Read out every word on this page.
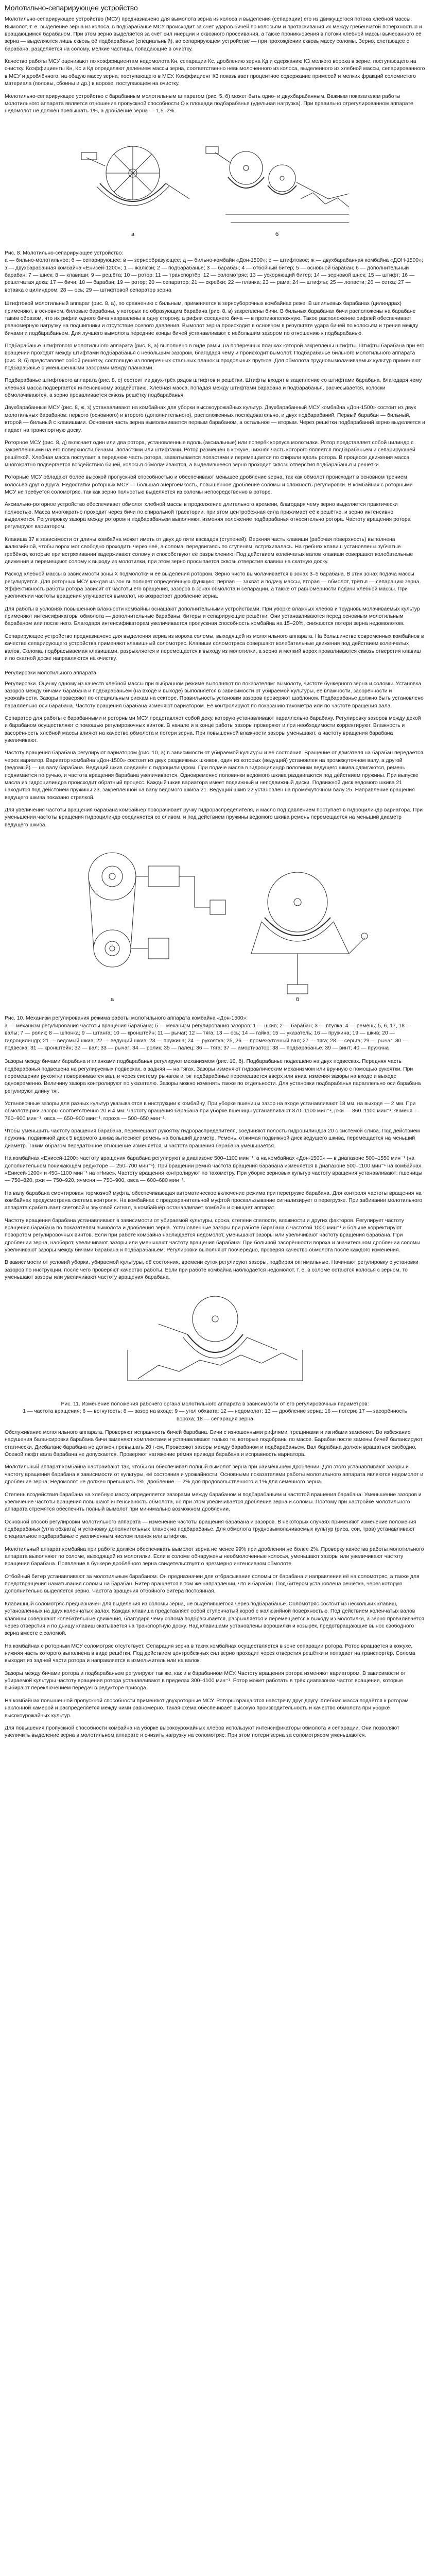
Молотильно-сепарирующее устройство

Молотильно-сепарирующее устройство (МСУ) предназначено для вымолота зерна из колоса и выделения (сепарации) его из движущегося потока хлебной массы. Вымолот, т. е. выделение зерна из колоса, в подбарабанье МСУ происходит за счёт ударов бичей по колосьям и протаскивания их между гребенчатой поверхностью и вращающимся барабаном. При этом зерно выделяется за счёт сил инерции и сквозного просеивания, а также проникновения в потоки хлебной массы вычесанного её зерна — выделяются лишь сквозь её подбарабанье (специальный), во сепарирующем устройстве — при прохождении сквозь массу соломы. Зерно, слетающее с барабана, разделяется на солому, мелкие частицы, попадающие в очистку.

Качество работы МСУ оценивают по коэффициентам недомолота Кн, сепарации Кс, дроблению зерна Кд и сдержанию К3 мелкого вороха в зерне, поступающего на очистку. Коэффициенты Кн, Кс и Кд определяют делением массы зерна, соответственно невымолоченного из колоса, выделенного из хлебной массы, сепарированного в МСУ и дроблённого, на общую массу зерна, поступающего в МСУ. Коэффициент К3 показывает процентное содержание примесей и мелких фракций соломистого материала (половы, сбоины и др.) в ворохе, поступающем на очистку.

Молотильно-сепарирующее устройство с барабанным молотильным аппаратом (рис. 5, б) может быть одно- и двухбарабанным. Важным показателем работы молотильного аппарата является отношение пропускной способности Q к площади подбарабанья (удельная нагрузка). При правильно отрегулированном аппарате недомолот не должен превышать 1%, а дробление зерна — 1,5–2%.

а	б

Рис. 8. Молотильно-сепарирующее устройство:

а — бильно-молотильное; б — сепарирующее; в — зернообразующее; д — бильно-комбайн «Дон-1500»; е — штифтовое; ж — двухбарабанная комбайна «ДОН-1500»; з — двухбарабанная комбайна «Енисей-1200»; 1 — жалюзи; 2 — подбарабанье; 3 — барабан; 4 — отбойный битер; 5 — основной барабан; 6 — дополнительный барабан; 7 — шнек; 8 — клавиши; 9 — решёта; 10 — ротор; 11 — транспортёр; 12 — соломотряс; 13 — ускоряющий битер; 14 — зерновой шнек; 15 — штифт; 16 — решетчатая дека; 17 — бичи; 18 — барабан; 19 — ротор; 20 — сепаратор; 21 — скребки; 22 — планка; 23 — рама; 24 — штифты; 25 — лопасти; 26 — сетка; 27 — вставка с цилиндром; 28 — ось; 29 — штифтовой сепаратор зерна

Штифтовой молотильный аппарат (рис. 8, а), по сравнению с бильным, применяется в зерноуборочных комбайнах реже. В шпильевых барабанах (цилиндрах) применяют, в основном, биловые барабаны, у которых по образующим барабана (рис. 8, в) закреплены бичи. В бильных барабанах бичи расположены на барабане таким образом, что их рифли одного бича направлены в одну сторону, а рифли соседнего бича — в противоположную. Такое расположение рифлей обеспечивает равномерную нагрузку на подшипники и отсутствие осевого давления. Вымолот зерна происходит в основном в результате удара бичей по колосьям и трения между бичами и подбарабаньем. Для лучшего вымолота передние концы бичей устанавливают с небольшим зазором по отношению к подбарабанью.

Подбарабанье штифтового молотильного аппарата (рис. 8, а) выполнено в виде рамы, на поперечных планках которой закреплены штифты. Штифты барабана при его вращении проходят между штифтами подбарабанья с небольшим зазором, благодаря чему и происходит вымолот. Подбарабанье бильного молотильного аппарата (рис. 8, б) представляет собой решётку, состоящую из поперечных стальных планок и продольных прутков. Для обмолота трудновымолачиваемых культур применяют подбарабанье с уменьшенными зазорами между планками.

Подбарабанье штифтового аппарата (рис. 8, е) состоит из двух-трёх рядов штифтов и решётки. Штифты входят в зацепление со штифтами барабана, благодаря чему хлебная масса подвергается интенсивному воздействию. Хлебная масса, попадая между штифтами барабана и подбарабанья, расчёсывается, колоски обмолачиваются, а зерно проваливается сквозь решётку подбарабанья.

Двухбарабанные МСУ (рис. 8, ж, з) устанавливают на комбайнах для уборки высокоурожайных культур. Двухбарабанный МСУ комбайна «Дон-1500» состоит из двух молотильных барабанов: первого (основного) и второго (дополнительного), расположенных последовательно, и двух подбарабаний. Первый барабан — бильный, второй — бильный с клавишами. Основная часть зерна вымолачивается первым барабаном, а остальное — вторым. Через решётки подбарабаний зерно выделяется и падает на транспортную доску.

Роторное МСУ (рис. 8, д) включает один или два ротора, установленные вдоль (аксиальные) или поперёк корпуса молотилки. Ротор представляет собой цилиндр с закреплёнными на его поверхности бичами, лопастями или штифтами. Ротор размещён в кожухе, нижняя часть которого является подбарабаньем и сепарирующей решёткой. Хлебная масса поступает в переднюю часть ротора, захватывается лопастями и перемещается по спирали вдоль ротора. В процессе движения масса многократно подвергается воздействию бичей, колосья обмолачиваются, а выделившееся зерно проходит сквозь отверстия подбарабанья и решётки.

Роторные МСУ обладают более высокой пропускной способностью и обеспечивают меньшее дробление зерна, так как обмолот происходит в основном трением колосьев друг о друга. Недостатки роторных МСУ — большая энергоёмкость, повышенное дробление соломы и сложность регулировки. В комбайнах с роторными МСУ не требуется соломотряс, так как зерно полностью выделяется из соломы непосредственно в роторе.

Аксиально-роторное устройство обеспечивает обмолот хлебной массы в продолжение длительного времени, благодаря чему зерно выделяется практически полностью. Масса многократно проходит через бичи по спиральной траектории, при этом центробежная сила прижимает её к решётке, и зерно интенсивно выделяется. Регулировку зазора между ротором и подбарабаньем выполняют, изменяя положение подбарабанья относительно ротора. Частоту вращения ротора регулируют вариатором.

Клавиша 37 в зависимости от длины комбайна может иметь от двух до пяти каскадов (ступеней). Верхняя часть клавиши (рабочая поверхность) выполнена жалюзийной, чтобы ворох мог свободно проходить через неё, а солома, передвигаясь по ступеням, встряхивалась. На гребнях клавиш установлены зубчатые гребёнки, которые при встряхивании задерживают солому и способствуют её разрыхлению. Под действием коленчатых валов клавиши совершают колебательные движения и перемещают солому к выходу из молотилки, при этом зерно просыпается сквозь отверстия клавиш на скатную доску.

Расход хлебной массы в зависимости зоны X подмолотки и её выделения ротором. Зерно чисто вымолачивается в зонах 3–5 барабана. В этих зонах подача массы регулируется. Для роторных МСУ каждая из зон выполняет определённую функцию: первая — захват и подачу массы, вторая — обмолот, третья — сепарацию зерна. Эффективность работы ротора зависит от частоты его вращения, зазоров в зонах обмолота и сепарации, а также от равномерности подачи хлебной массы. При увеличении частоты вращения улучшается вымолот, но возрастает дробление зерна.

Для работы в условиях повышенной влажности комбайны оснащают дополнительными устройствами. При уборке влажных хлебов и трудновымолачиваемых культур применяют интенсификаторы обмолота — дополнительные барабаны, битеры и сепарирующие решётки. Они устанавливаются перед основным молотильным барабаном или после него. Благодаря интенсификаторам увеличивается пропускная способность комбайна на 15–20%, снижаются потери зерна недомолотом.

Сепарирующее устройство предназначено для выделения зерна из вороха соломы, выходящей из молотильного аппарата. На большинстве современных комбайнов в качестве сепарирующего устройства применяют клавишный соломотряс. Клавиши соломотряса совершают колебательные движения под действием коленчатых валов. Солома, подбрасываемая клавишами, разрыхляется и перемещается к выходу из молотилки, а зерно и мелкий ворох проваливаются сквозь отверстия клавиш и по скатной доске направляются на очистку.

Регулировки молотильного аппарата

Регулировки. Оценку одному из качеств хлебной массы при выбранном режиме выполняют по показателям: вымолоту, чистоте бункерного зерна и соломы. Установка зазоров между бичами барабана и подбарабаньем (на входе и выходе) выполняется в зависимости от убираемой культуры, её влажности, засорённости и урожайности. Зазоры проверяют по специальным рискам на секторе. Правильность установки зазоров проверяют шаблоном. Подбарабанье должно быть установлено параллельно оси барабана. Частоту вращения барабана изменяют вариатором. Её контролируют по показанию тахометра или по частоте вращения вала.

Сепаратор для работы с барабанными и роторными МСУ представляет собой деку, которую устанавливают параллельно барабану. Регулировку зазоров между декой и барабаном осуществляют с помощью регулировочных винтов. В начале и в конце работы зазоры проверяют и при необходимости корректируют. Влажность и засорённость хлебной массы влияют на качество обмолота и потери зерна. При повышенной влажности зазоры уменьшают, а частоту вращения барабана увеличивают.

Частоту вращения барабана регулируют вариатором (рис. 10, а) в зависимости от убираемой культуры и её состояния. Вращение от двигателя на барабан передаётся через вариатор. Вариатор комбайна «Дон-1500» состоит из двух раздвижных шкивов, один из которых (ведущий) установлен на промежуточном валу, а другой (ведомый) — на валу барабана. Ведущий шкив соединён с гидроцилиндром. При подаче масла в гидроцилиндр половинки ведущего шкива сдвигаются, ремень поднимается по ручью, и частота вращения барабана увеличивается. Одновременно половинки ведомого шкива раздвигаются под действием пружины. При выпуске масла из гидроцилиндра происходит обратный процесс. Каждый шкив вариатора имеет подвижный и неподвижный диски. Подвижной диск ведомого шкива 21 находится под действием пружины 23, закреплённой на валу ведомого шкива 21. Ведущий шкив 22 установлен на промежуточном валу 25. Направление вращения ведущего шкива показано стрелкой.

Для увеличения частоты вращения барабана комбайнер поворачивает ручку гидрораспределителя, и масло под давлением поступает в гидроцилиндр вариатора. При уменьшении частоты вращения гидроцилиндр соединяется со сливом, и под действием пружины ведомого шкива ремень перемещается на меньший диаметр ведущего шкива.

а	б

Рис. 10. Механизм регулирования режима работы молотильного аппарата комбайна «Дон-1500»:

а — механизм регулирования частоты вращения барабана; б — механизм регулирования зазоров; 1 — шкив; 2 — барабан; 3 — втулка; 4 — ремень; 5, 6, 17, 18 — валы; 7 — ролик; 8 — шпонка; 9 — штанга; 10 — кронштейн; 11 — рычаг; 12 — тяга; 13 — ось; 14 — гайка; 15 — указатель; 16 — пружина; 19 — шкив; 20 — гидроцилиндр; 21 — ведомый шкив; 22 — ведущий шкив; 23 — пружина; 24 — рукоятка; 25, 26 — промежуточный вал; 27 — тяга; 28 — серьга; 29 — рычаг; 30 — подвеска; 31 — кронштейн; 32 — вал; 33 — рычаг; 34 — ролик; 35 — палец; 36 — тяга; 37 — амортизатор; 38 — подбарабанье; 39 — винт; 40 — пружина

Зазоры между бичами барабана и планками подбарабанья регулируют механизмом (рис. 10, б). Подбарабанье подвешено на двух подвесках. Передняя часть подбарабанья подвешена на регулируемых подвесках, а задняя — на тягах. Зазоры изменяют гидравлическим механизмом или вручную с помощью рукоятки. При перемещении рукоятки поворачивается вал, и через систему рычагов и тяг подбарабанье перемещается вверх или вниз, изменяя зазоры на входе и выходе одновременно. Величину зазора контролируют по указателю. Зазоры можно изменять также по отдельности. Для установки подбарабанья параллельно оси барабана регулируют длину тяг.

Установочные зазоры для разных культур указываются в инструкции к комбайну. При уборке пшеницы зазор на входе устанавливают 18 мм, на выходе — 2 мм. При обмолоте ржи зазоры соответственно 20 и 4 мм. Частоту вращения барабана при уборке пшеницы устанавливают 870–1100 мин⁻¹, ржи — 860–1100 мин⁻¹, ячменя — 760–900 мин⁻¹, овса — 650–900 мин⁻¹, гороха — 500–650 мин⁻¹.

Чтобы уменьшить частоту вращения барабана, перемещают рукоятку гидрораспределителя, соединяют полость гидроцилиндра 20 с системой слива. Под действием пружины подвижной диск 5 ведомого шкива вытесняет ремень на больший диаметр. Ремень, отжимая подвижной диск ведущего шкива, перемещается на меньший диаметр. Таким образом передаточное отношение изменяется, и частота вращения барабана уменьшается.

На комбайнах «Енисей-1200» частоту вращения барабана регулируют в диапазоне 500–1100 мин⁻¹, а на комбайнах «Дон-1500» — в диапазоне 500–1550 мин⁻¹ (на дополнительном понижающем редукторе — 250–700 мин⁻¹). При вращении ремня частота вращения барабана изменяется в диапазоне 500–1100 мин⁻¹ на комбайнах «Енисей-1200» и 450–1100 мин⁻¹ на «Ниве». Частоту вращения контролируют по тахометру. При уборке зерновых культур частоту вращения устанавливают: пшеницы — 750–820, ржи — 750–920, ячменя — 750–900, овса — 600–680 мин⁻¹.

На валу барабана смонтирован тормозной муфта, обеспечивающая автоматическое включение режима при перегрузке барабана. Для контроля частоты вращения на комбайнах предусмотрена система контроля. На комбайнах с предохранительной муфтой проскальзывание сигнализирует о перегрузке. При забивании молотильного аппарата срабатывает световой и звуковой сигнал, а комбайнёр останавливает комбайн и очищает аппарат.

Частоту вращения барабана устанавливают в зависимости от убираемой культуры, срока, степени спелости, влажности и других факторов. Регулирует частоту вращения барабана по показателям вымолота и дробления зерна. Установленные зазоры при работе барабана с частотой 1000 мин⁻¹ и больше корректируют поворотом регулировочных винтов. Если при работе комбайна наблюдается недомолот, уменьшают зазоры или увеличивают частоту вращения барабана. При дроблении зерна, наоборот, увеличивают зазоры или уменьшают частоту вращения барабана. При большой засорённости вороха и значительном дроблении соломы увеличивают зазоры между бичами барабана и подбарабаньем. Регулировки выполняют поочерёдно, проверяя качество обмолота после каждого изменения.

В зависимости от условий уборки, убираемой культуры, её состояния, времени суток регулируют зазоры, подбирая оптимальные. Начинают регулировку с установки зазоров по инструкции, после чего проверяют качество работы. Если при работе комбайна наблюдается недомолот, т. е. в соломе остаются колосья с зерном, то уменьшают зазоры или увеличивают частоту вращения барабана.

Рис. 11. Изменение положения рабочего органа молотильного аппарата в зависимости от его регулировочных параметров:

1 — частота вращения; 6 — вогнутость; 8 — зазор на входе; 9 — угол обхвата; 12 — недомолот; 13 — дробление зерна; 16 — потери; 17 — засорённость вороха; 18 — сепарация зерна

Обслуживание молотильного аппарата. Проверяют исправность бичей барабана. Бичи с изношенными рифлями, трещинами и изгибами заменяют. Во избежание нарушения балансировки барабана бичи заменяют комплектами и устанавливают только те, которые подобраны по массе. Барабан после замены бичей балансируют статически. Дисбаланс барабана не должен превышать 20 г·см. Проверяют зазоры между барабаном и подбарабаньем. Вал барабана должен вращаться свободно. Осевой люфт вала барабана не допускается. Проверяют натяжение ремня привода барабана и исправность вариатора.

Молотильный аппарат комбайна настраивают так, чтобы он обеспечивал полный вымолот зерна при наименьшем дроблении. Для этого устанавливают зазоры и частоту вращения барабана в зависимости от культуры, её состояния и урожайности. Основными показателями работы молотильного аппарата являются недомолот и дробление зерна. Недомолот не должен превышать 1%, дробление — 2% для продовольственного и 1% для семенного зерна.

Степень воздействия барабана на хлебную массу определяется зазорами между барабаном и подбарабаньем и частотой вращения барабана. Уменьшение зазоров и увеличение частоты вращения повышают интенсивность обмолота, но при этом увеличивается дробление зерна и соломы. Поэтому при настройке молотильного аппарата стремятся обеспечить полный вымолот при минимально возможном дроблении.

Основной способ регулировки молотильного аппарата — изменение частоты вращения барабана и зазоров. В некоторых случаях применяют изменение положения подбарабанья (угла обхвата) и установку дополнительных планок на подбарабанье. Для обмолота трудновымолачиваемых культур (риса, сои, трав) устанавливают специальное подбарабанье с увеличенным числом планок или штифтов.

Молотильный аппарат комбайна при работе должен обеспечивать вымолот зерна не менее 99% при дроблении не более 2%. Проверку качества работы молотильного аппарата выполняют по соломе, выходящей из молотилки. Если в соломе обнаружены необмолоченные колосья, уменьшают зазоры или увеличивают частоту вращения барабана. Появление в бункере дроблёного зерна свидетельствует о чрезмерно интенсивном обмолоте.

Отбойный битер устанавливают за молотильным барабаном. Он предназначен для отбрасывания соломы от барабана и направления её на соломотряс, а также для предотвращения наматывания соломы на барабан. Битер вращается в том же направлении, что и барабан. Под битером установлена решётка, через которую дополнительно выделяется зерно. Частота вращения отбойного битера постоянная.

Клавишный соломотряс предназначен для выделения из соломы зерна, не выделившегося через подбарабанье. Соломотряс состоит из нескольких клавиш, установленных на двух коленчатых валах. Каждая клавиша представляет собой ступенчатый короб с жалюзийной поверхностью. Под действием коленчатых валов клавиши совершают колебательные движения, благодаря чему солома подбрасывается, разрыхляется и перемещается к выходу из молотилки, а зерно проваливается через отверстия и по днищу клавиш скатывается на транспортную доску. Над клавишами установлены ворошилки и козырёк, предотвращающие вынос свободного зерна вместе с соломой.

На комбайнах с роторным МСУ соломотряс отсутствует. Сепарация зерна в таких комбайнах осуществляется в зоне сепарации ротора. Ротор вращается в кожухе, нижняя часть которого выполнена в виде решётки. Под действием центробежных сил зерно проходит через отверстия решётки и попадает на транспортёр. Солома выходит из задней части ротора и направляется в измельчитель или на валок.

Зазоры между бичами ротора и подбарабаньем регулируют так же, как и в барабанном МСУ. Частоту вращения ротора изменяют вариатором. В зависимости от убираемой культуры частоту вращения ротора устанавливают в пределах 300–1100 мин⁻¹. Ротор может работать в трёх диапазонах частот вращения, которые выбирают переключением передач в редукторе привода.

На комбайнах повышенной пропускной способности применяют двухроторные МСУ. Роторы вращаются навстречу друг другу. Хлебная масса подаётся к роторам наклонной камерой и распределяется между ними равномерно. Такая схема обеспечивает высокую производительность и качество обмолота при уборке высокоурожайных культур.

Для повышения пропускной способности комбайна на уборке высокоурожайных хлебов используют интенсификаторы обмолота и сепарации. Они позволяют увеличить выделение зерна в молотильном аппарате и снизить нагрузку на соломотряс. При этом потери зерна за соломотрясом уменьшаются.
